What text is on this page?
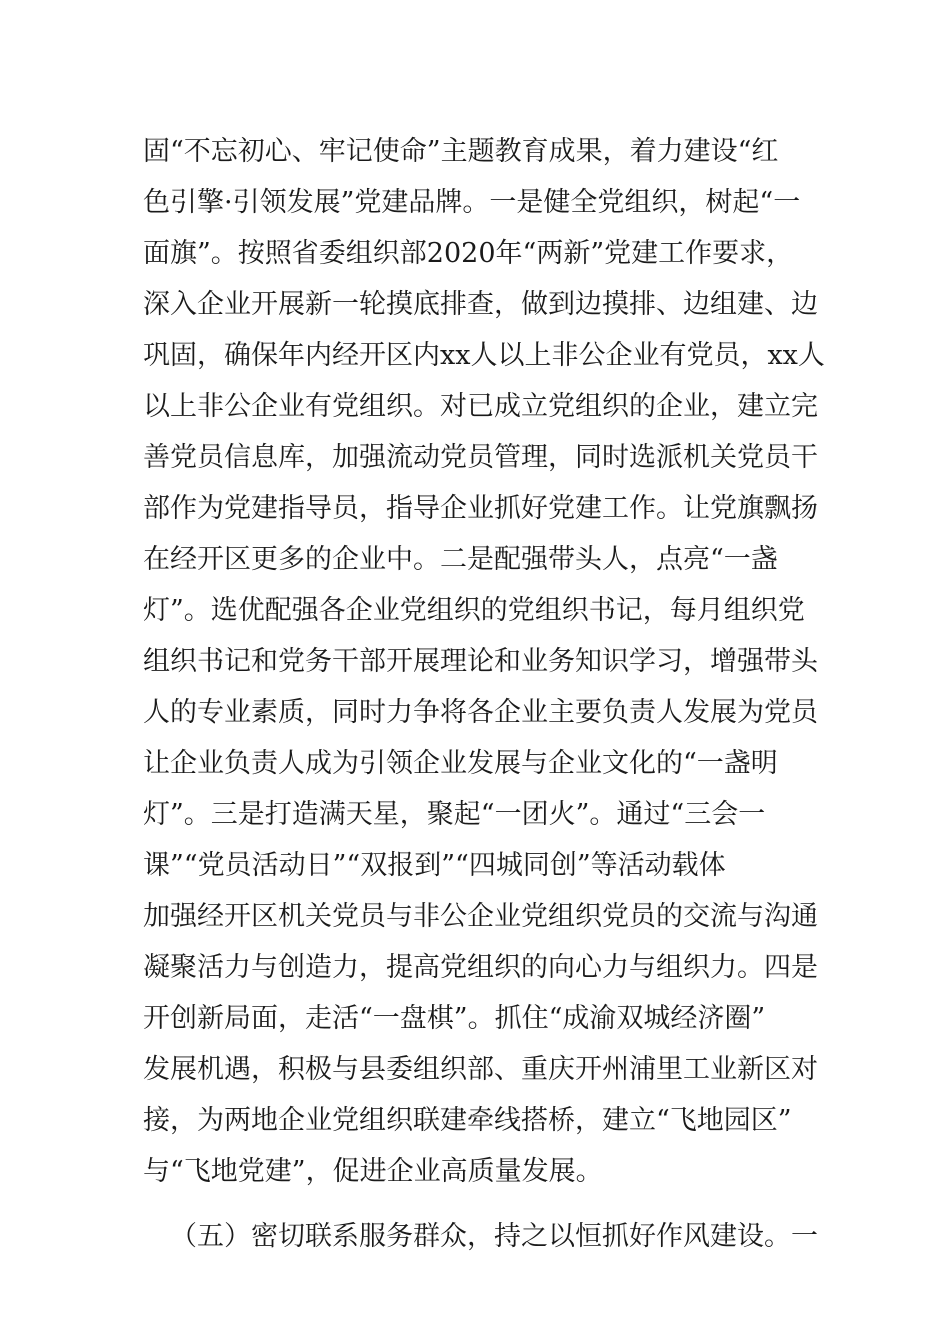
固“不忘初心、牢记使命”主题教育成果，着力建设“红
色引擎·引领发展”党建品牌。一是健全党组织，树起“一
面旗”。按照省委组织部2020年“两新”党建工作要求，
深入企业开展新一轮摸底排查，做到边摸排、边组建、边
巩固，确保年内经开区内xx人以上非公企业有党员，xx人
以上非公企业有党组织。对已成立党组织的企业，建立完
善党员信息库，加强流动党员管理，同时选派机关党员干
部作为党建指导员，指导企业抓好党建工作。让党旗飘扬
在经开区更多的企业中。二是配强带头人，点亮“一盏
灯”。选优配强各企业党组织的党组织书记，每月组织党
组织书记和党务干部开展理论和业务知识学习，增强带头
人的专业素质，同时力争将各企业主要负责人发展为党员
让企业负责人成为引领企业发展与企业文化的“一盏明
灯”。三是打造满天星，聚起“一团火”。通过“三会一
课”“党员活动日”“双报到”“四城同创”等活动载体
加强经开区机关党员与非公企业党组织党员的交流与沟通
凝聚活力与创造力，提高党组织的向心力与组织力。四是
开创新局面，走活“一盘棋”。抓住“成渝双城经济圈”
发展机遇，积极与县委组织部、重庆开州浦里工业新区对
接，为两地企业党组织联建牵线搭桥，建立“飞地园区”
与“飞地党建”，促进企业高质量发展。
（五）密切联系服务群众，持之以恒抓好作风建设。一
